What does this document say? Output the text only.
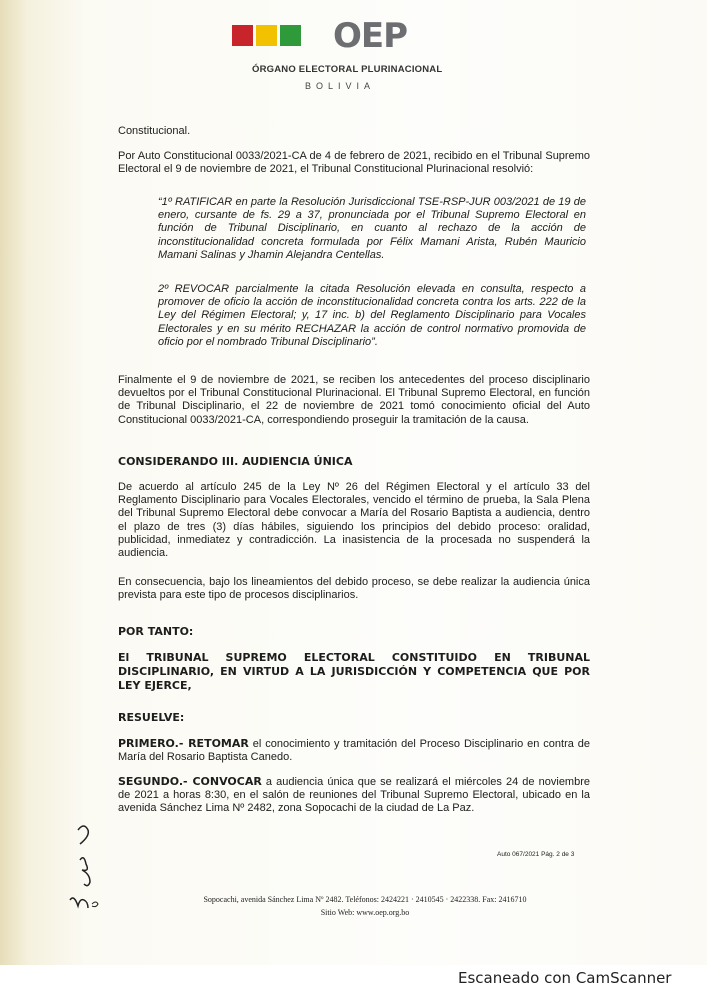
OEP
ÓRGANO ELECTORAL PLURINACIONAL
BOLIVIA
Constitucional.
Por Auto Constitucional 0033/2021-CA de 4 de febrero de 2021, recibido en el Tribunal Supremo Electoral el 9 de noviembre de 2021, el Tribunal Constitucional Plurinacional resolvió:
“1º RATIFICAR en parte la Resolución Jurisdiccional TSE-RSP-JUR 003/2021 de 19 de enero, cursante de fs. 29 a 37, pronunciada por el Tribunal Supremo Electoral en función de Tribunal Disciplinario, en cuanto al rechazo de la acción de inconstitucionalidad concreta formulada por Félix Mamani Arista, Rubén Mauricio Mamani Salinas y Jhamin Alejandra Centellas.
2º REVOCAR parcialmente la citada Resolución elevada en consulta, respecto a promover de oficio la acción de inconstitucionalidad concreta contra los arts. 222 de la Ley del Régimen Electoral; y, 17 inc. b) del Reglamento Disciplinario para Vocales Electorales y en su mérito RECHAZAR la acción de control normativo promovida de oficio por el nombrado Tribunal Disciplinario”.
Finalmente el 9 de noviembre de 2021, se reciben los antecedentes del proceso disciplinario devueltos por el Tribunal Constitucional Plurinacional. El Tribunal Supremo Electoral, en función de Tribunal Disciplinario, el 22 de noviembre de 2021 tomó conocimiento oficial del Auto Constitucional 0033/2021-CA, correspondiendo proseguir la tramitación de la causa.
CONSIDERANDO III. AUDIENCIA ÚNICA
De acuerdo al artículo 245 de la Ley Nº 26 del Régimen Electoral y el artículo 33 del Reglamento Disciplinario para Vocales Electorales, vencido el término de prueba, la Sala Plena del Tribunal Supremo Electoral debe convocar a María del Rosario Baptista a audiencia, dentro el plazo de tres (3) días hábiles, siguiendo los principios del debido proceso: oralidad, publicidad, inmediatez y contradicción. La inasistencia de la procesada no suspenderá la audiencia.
En consecuencia, bajo los lineamientos del debido proceso, se debe realizar la audiencia única prevista para este tipo de procesos disciplinarios.
POR TANTO:
El TRIBUNAL SUPREMO ELECTORAL CONSTITUIDO EN TRIBUNAL DISCIPLINARIO, EN VIRTUD A LA JURISDICCIÓN Y COMPETENCIA QUE POR LEY EJERCE,
RESUELVE:
PRIMERO.- RETOMAR el conocimiento y tramitación del Proceso Disciplinario en contra de María del Rosario Baptista Canedo.
SEGUNDO.- CONVOCAR a audiencia única que se realizará el miércoles 24 de noviembre de 2021 a horas 8:30, en el salón de reuniones del Tribunal Supremo Electoral, ubicado en la avenida Sánchez Lima Nº 2482, zona Sopocachi de la ciudad de La Paz.
Auto 067/2021 Pág. 2 de 3
Sopocachi, avenida Sánchez Lima Nº 2482. Teléfonos: 2424221 · 2410545 · 2422338. Fax: 2416710
Sitio Web: www.oep.org.bo
Escaneado con CamScanner
